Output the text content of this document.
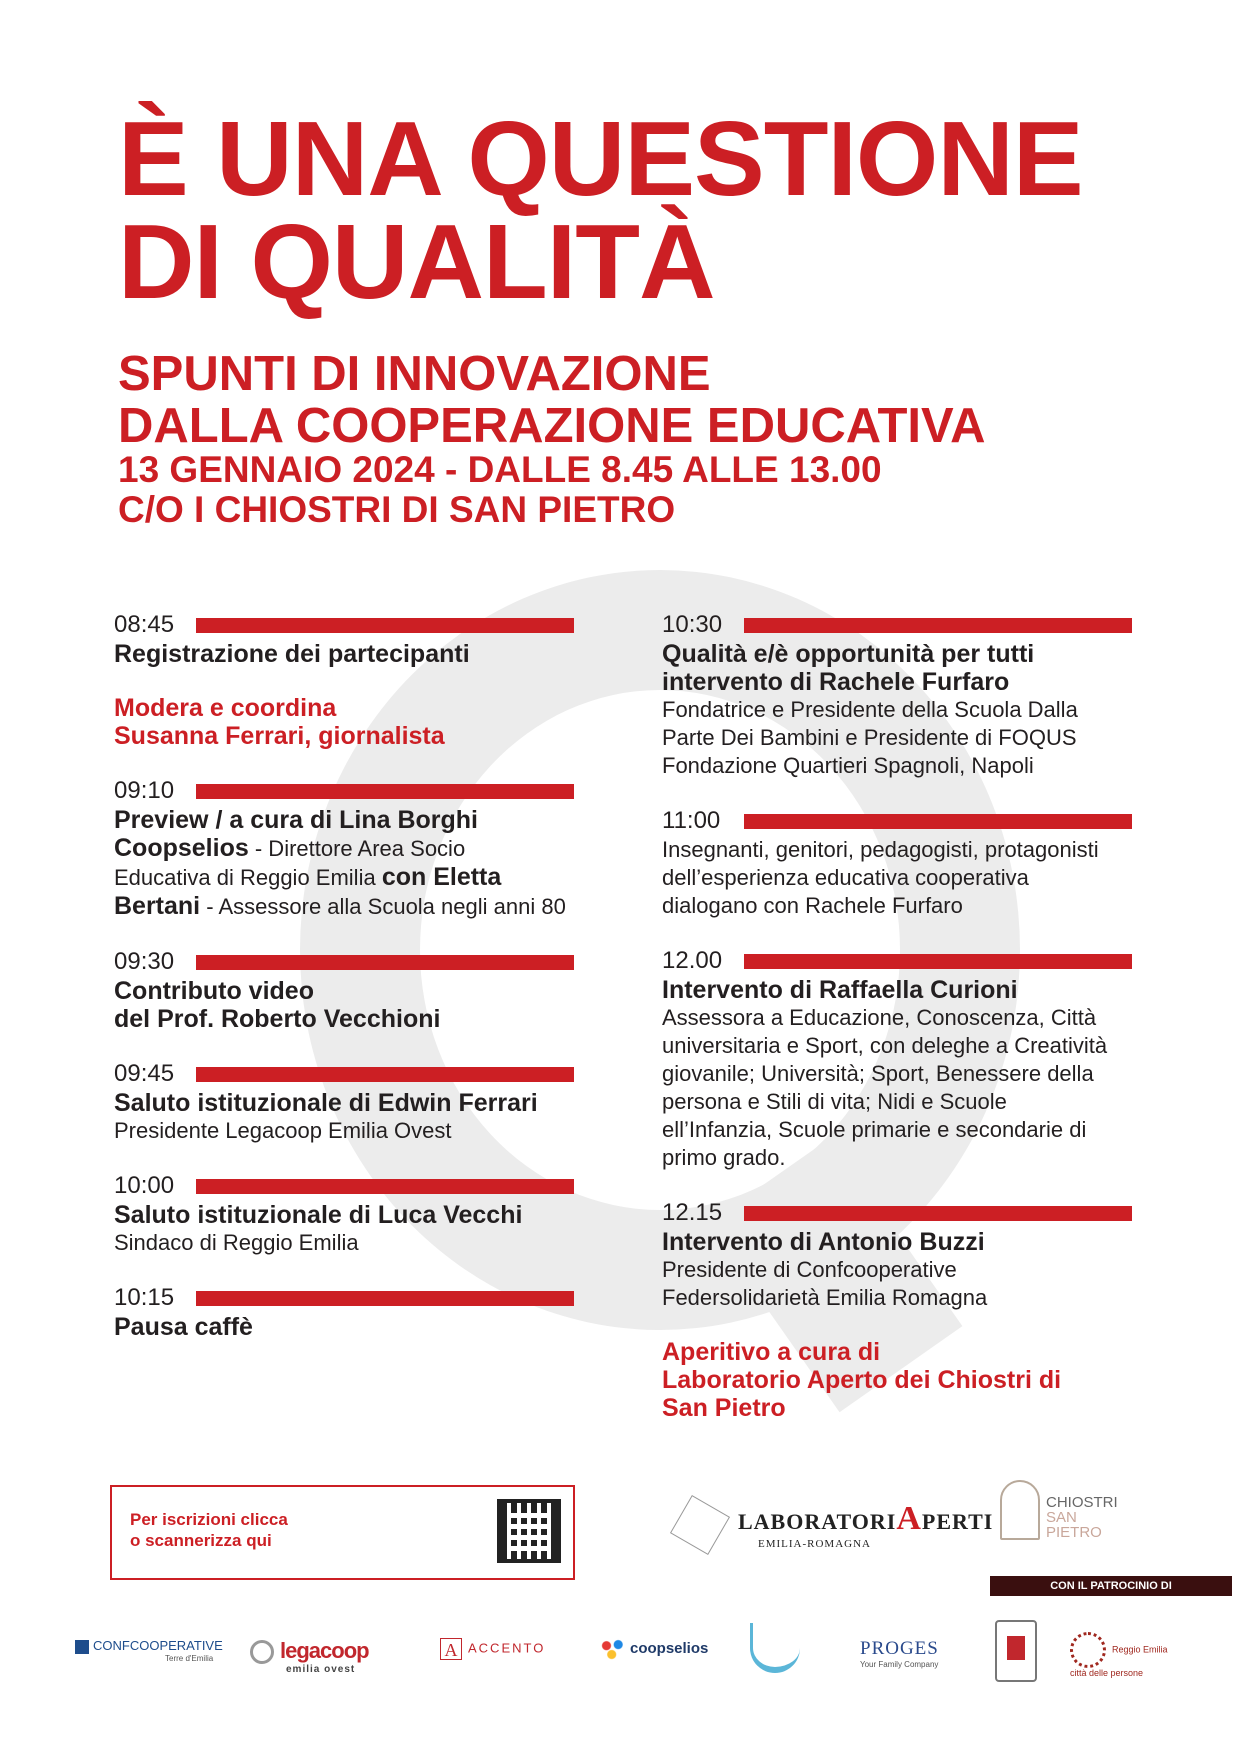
È UNA QUESTIONE
DI QUALITÀ
SPUNTI DI INNOVAZIONE
DALLA COOPERAZIONE EDUCATIVA
13 GENNAIO 2024 - DALLE 8.45 ALLE 13.00
C/O I CHIOSTRI DI SAN PIETRO
08:45
Registrazione dei partecipanti
Modera e coordina
Susanna Ferrari, giornalista
09:10
Preview / a cura di Lina Borghi
Coopselios - Direttore Area Socio
Educativa di Reggio Emilia con Eletta
Bertani - Assessore alla Scuola negli anni 80
09:30
Contributo video
del Prof. Roberto Vecchioni
09:45
Saluto istituzionale di Edwin Ferrari
Presidente Legacoop Emilia Ovest
10:00
Saluto istituzionale di Luca Vecchi
Sindaco di Reggio Emilia
10:15
Pausa caffè
10:30
Qualità e/è opportunità per tutti
intervento di Rachele Furfaro
Fondatrice e Presidente della Scuola Dalla
Parte Dei Bambini e Presidente di FOQUS
Fondazione Quartieri Spagnoli, Napoli
11:00
Insegnanti, genitori, pedagogisti, protagonisti
dell’esperienza educativa cooperativa
dialogano con Rachele Furfaro
12.00
Intervento di Raffaella Curioni
Assessora a Educazione, Conoscenza, Città
universitaria e Sport, con deleghe a Creatività
giovanile; Università; Sport, Benessere della
persona e Stili di vita; Nidi e Scuole
ell’Infanzia, Scuole primarie e secondarie di
primo grado.
12.15
Intervento di Antonio Buzzi
Presidente di Confcooperative
Federsolidarietà Emilia Romagna
Aperitivo a cura di
Laboratorio Aperto dei Chiostri di
San Pietro
Per iscrizioni clicca
o scannerizza qui
LABORATORIAPERTI
EMILIA-ROMAGNA
CHIOSTRI
SAN
PIETRO
CON IL PATROCINIO DI
CONFCOOPERATIVE
Terre d'Emilia	legacoop
emilia ovest
A ACCENTO	coopselios	PROGES
Your Family Company
Reggio Emilia città delle persone
